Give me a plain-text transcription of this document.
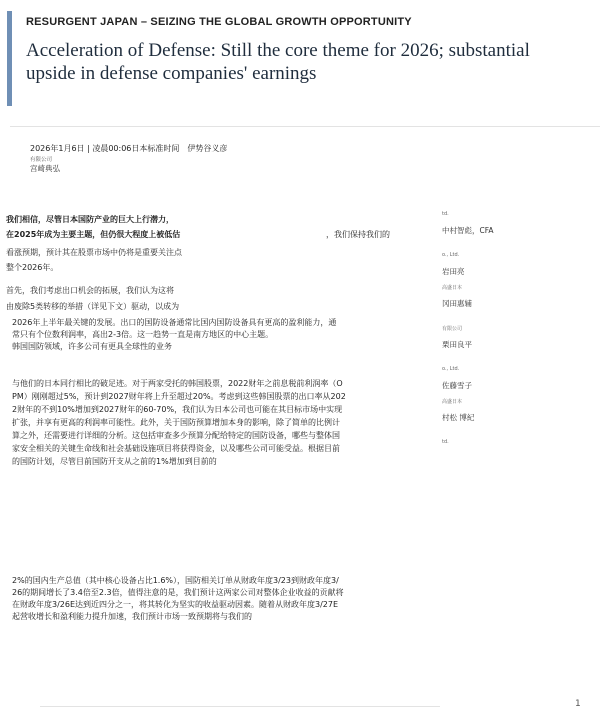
RESURGENT JAPAN – SEIZING THE GLOBAL GROWTH OPPORTUNITY
Acceleration of Defense: Still the core theme for 2026; substantial
upside in defense companies' earnings
2026年1月6日 | 凌晨00:06日本标准时间　伊势谷义彦
有限公司
宫崎典弘
我们相信，尽管日本国防产业的巨大上行潜力，
在2025年成为主要主题，但仍很大程度上被低估	，我们保持我们的
看涨预期，预计其在股票市场中仍将是重要关注点
整个2026年。
首先，我们考虑出口机会的拓展，我们认为这将
由废除5类转移的举措（详见下文）驱动，以成为
2026年上半年最关键的发展。出口的国防设备通常比国内国防设备具有更高的盈利能力，通
常只有个位数利润率，高出2-3倍。这一趋势一直是南方地区的中心主题。
韩国国防领域，许多公司有更具全球性的业务
与他们的日本同行相比的破足迹。对于两家受托的韩国股票，2022财年之前息税前利润率（O
PM）刚刚超过5%，预计到2027财年将上升至超过20%。考虑到这些韩国股票的出口率从202
2财年的不到10%增加到2027财年的60-70%，我们认为日本公司也可能在其目标市场中实现
扩张，并享有更高的利润率可能性。此外，关于国防预算增加本身的影响，除了简单的比例计
算之外，还需要进行详细的分析。这包括审查多少预算分配给特定的国防设备，哪些与整体国
家安全相关的关键生命线和社会基础设施项目将获得资金，以及哪些公司可能受益。根据目前
的国防计划，尽管目前国防开支从之前的1%增加到目前的
2%的国内生产总值（其中核心设备占比1.6%），国防相关订单从财政年度3/23到财政年度3/
26的期间增长了3.4倍至2.3倍，值得注意的是，我们预计这两家公司对整体企业收益的贡献将
在财政年度3/26E达到近四分之一，将其转化为坚实的收益驱动因素。随着从财政年度3/27E
起营收增长和盈利能力提升加速，我们预计市场一致预期将与我们的
td.
中村智彪，CFA
o., Ltd.
岩田亮
高盛日本
冈田惠辅
有限公司
栗田良平
o., Ltd.
佐藤雪子
高盛日本
村松 博紀
td.
1
